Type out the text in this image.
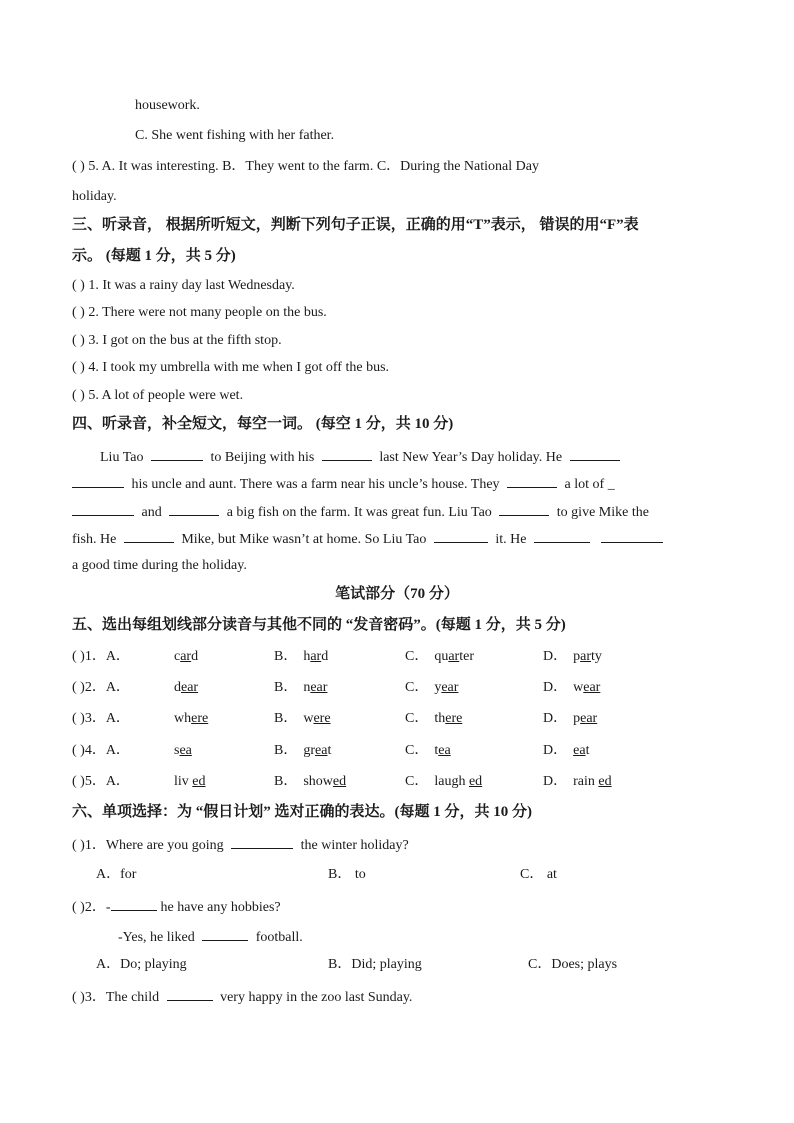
housework.
C. She went fishing with her father.
( ) 5. A. It was interesting. B．They went to the farm. C．During the National Day
holiday.
三、听录音， 根据所听短文，判断下列句子正误，正确的用“T”表示， 错误的用“F”表
示。 (每题 1 分，共 5 分)
( ) 1. It was a rainy day last Wednesday.
( ) 2. There were not many people on the bus.
( ) 3. I got on the bus at the fifth stop.
( ) 4. I took my umbrella with me when I got off the bus.
( ) 5. A lot of people were wet.
四、听录音，补全短文，每空一词。 (每空 1 分，共 10 分)
Liu Tao	to Beijing with his	last New Year’s Day holiday. He
his uncle and aunt. There was a farm near his uncle’s house. They	a lot of _
and	a big fish on the farm. It was great fun. Liu Tao	to give Mike the
fish. He	Mike, but Mike wasn’t at home. So Liu Tao	it. He
a good time during the holiday.
笔试部分（70 分）
五、选出每组划线部分读音与其他不同的 “发音密码”。(每题 1 分，共 5 分)
( )1．A．	card	B． hard	C． quarter	D． party
( )2．A．	dear	B． near	C． year	D． wear
( )3．A．	where	B． were	C． there	D． pear
( )4．A．	sea	B． great	C． tea	D． eat
( )5．A．	liv ed	B． showed	C． laugh ed	D． rain ed
六、单项选择：为 “假日计划” 选对正确的表达。(每题 1 分，共 10 分)
( )1．Where are you going	the winter holiday?
A．for	B． to	C． at
( )2．-	he have any hobbies?
-Yes, he liked	football.
A．Do; playing	B．Did; playing	C．Does; plays
( )3．The child	very happy in the zoo last Sunday.
